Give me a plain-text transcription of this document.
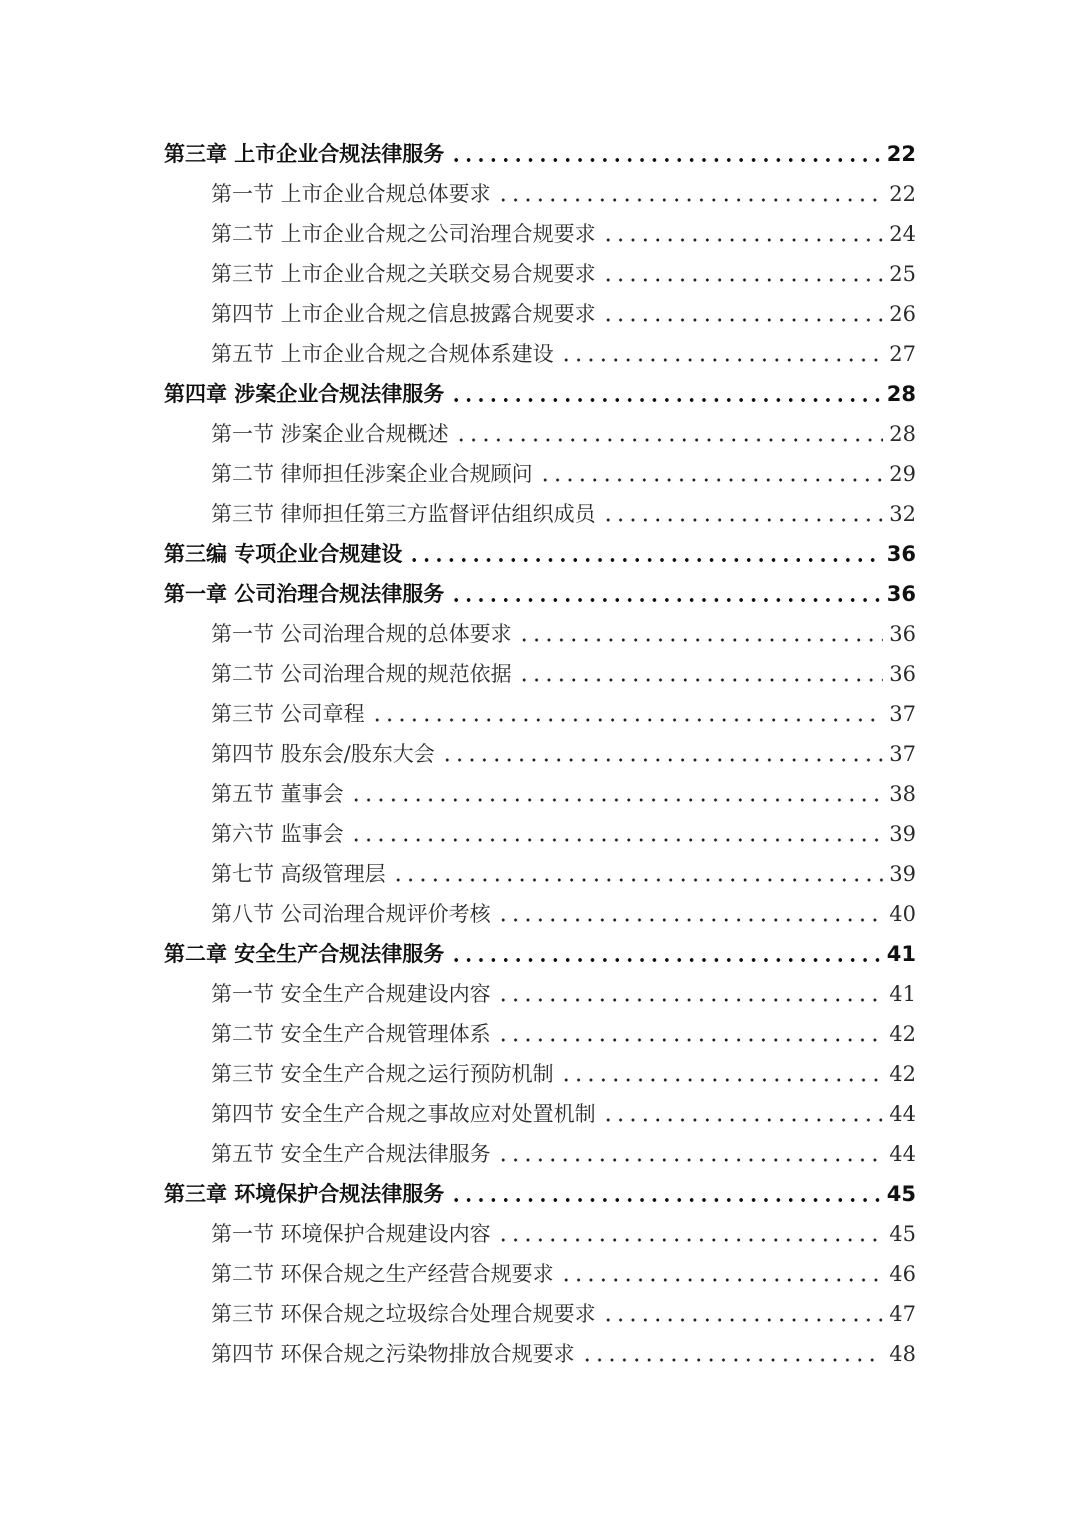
第三章 上市企业合规法律服务	22
第一节 上市企业合规总体要求	22
第二节 上市企业合规之公司治理合规要求	24
第三节 上市企业合规之关联交易合规要求	25
第四节 上市企业合规之信息披露合规要求	26
第五节 上市企业合规之合规体系建设	27
第四章 涉案企业合规法律服务	28
第一节 涉案企业合规概述	28
第二节 律师担任涉案企业合规顾问	29
第三节 律师担任第三方监督评估组织成员	32
第三编 专项企业合规建设	36
第一章 公司治理合规法律服务	36
第一节 公司治理合规的总体要求	36
第二节 公司治理合规的规范依据	36
第三节 公司章程	37
第四节 股东会/股东大会	37
第五节 董事会	38
第六节 监事会	39
第七节 高级管理层	39
第八节 公司治理合规评价考核	40
第二章 安全生产合规法律服务	41
第一节 安全生产合规建设内容	41
第二节 安全生产合规管理体系	42
第三节 安全生产合规之运行预防机制	42
第四节 安全生产合规之事故应对处置机制	44
第五节 安全生产合规法律服务	44
第三章 环境保护合规法律服务	45
第一节 环境保护合规建设内容	45
第二节 环保合规之生产经营合规要求	46
第三节 环保合规之垃圾综合处理合规要求	47
第四节 环保合规之污染物排放合规要求	48
